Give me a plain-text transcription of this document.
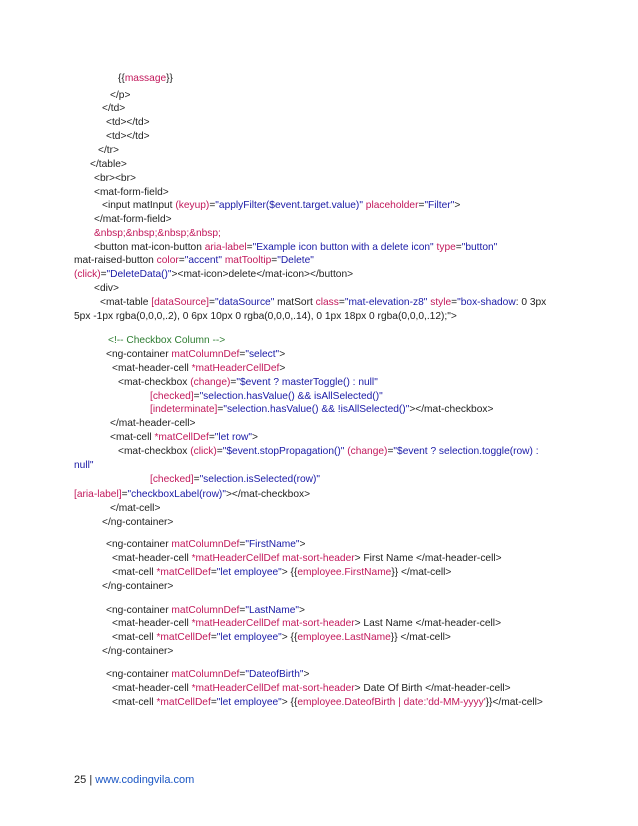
{{massage}}
</p>
</td>
<td></td>
<td></td>
</tr>
</table>
<br><br>
<mat-form-field>
<input matInput (keyup)="applyFilter($event.target.value)" placeholder="Filter">
</mat-form-field>
&nbsp;&nbsp;&nbsp;&nbsp;
<button mat-icon-button aria-label="Example icon button with a delete icon" type="button"
mat-raised-button color="accent" matTooltip="Delete"
(click)="DeleteData()"><mat-icon>delete</mat-icon></button>
<div>
<mat-table [dataSource]="dataSource" matSort class="mat-elevation-z8" style="box-shadow: 0 3px
5px -1px rgba(0,0,0,.2), 0 6px 10px 0 rgba(0,0,0,.14), 0 1px 18px 0 rgba(0,0,0,.12);">
<!-- Checkbox Column -->
<ng-container matColumnDef="select">
<mat-header-cell *matHeaderCellDef>
<mat-checkbox (change)="$event ? masterToggle() : null"
[checked]="selection.hasValue() && isAllSelected()"
[indeterminate]="selection.hasValue() && !isAllSelected()"></mat-checkbox>
</mat-header-cell>
<mat-cell *matCellDef="let row">
<mat-checkbox (click)="$event.stopPropagation()" (change)="$event ? selection.toggle(row) :
null"
[checked]="selection.isSelected(row)"
[aria-label]="checkboxLabel(row)"></mat-checkbox>
</mat-cell>
</ng-container>
<ng-container matColumnDef="FirstName">
<mat-header-cell *matHeaderCellDef mat-sort-header> First Name </mat-header-cell>
<mat-cell *matCellDef="let employee"> {{employee.FirstName}} </mat-cell>
</ng-container>
<ng-container matColumnDef="LastName">
<mat-header-cell *matHeaderCellDef mat-sort-header> Last Name </mat-header-cell>
<mat-cell *matCellDef="let employee"> {{employee.LastName}} </mat-cell>
</ng-container>
<ng-container matColumnDef="DateofBirth">
<mat-header-cell *matHeaderCellDef mat-sort-header> Date Of Birth </mat-header-cell>
<mat-cell *matCellDef="let employee"> {{employee.DateofBirth | date:'dd-MM-yyyy'}}</mat-cell>
25 | www.codingvila.com
